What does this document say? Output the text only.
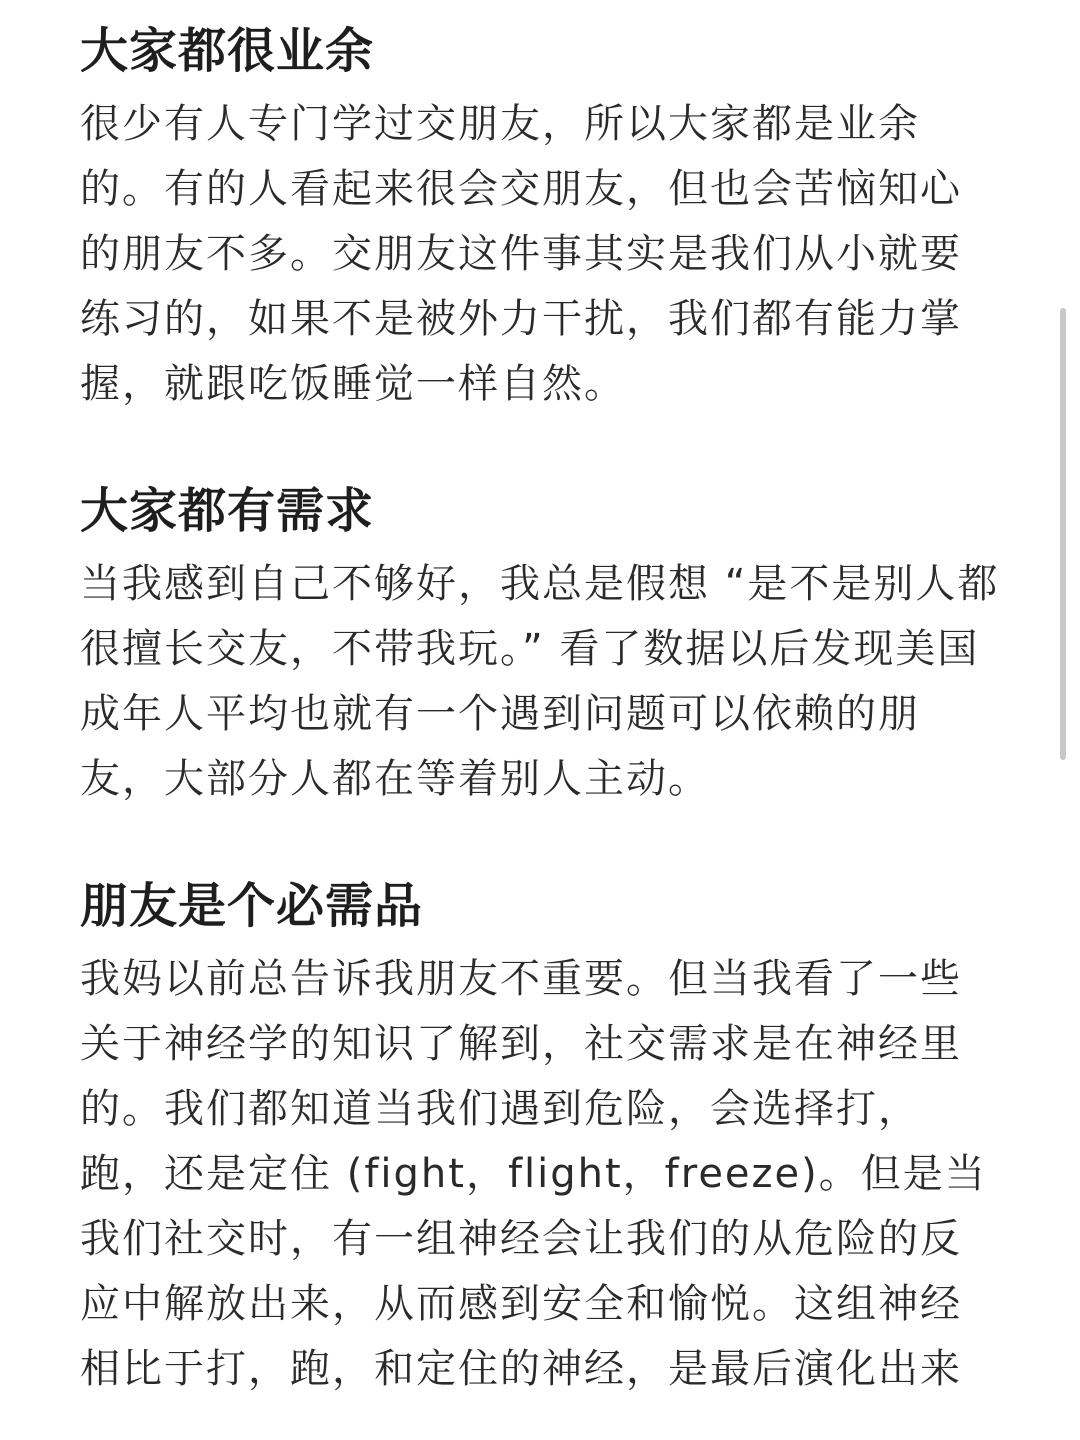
大家都很业余

很少有人专门学过交朋友，所以大家都是业余的。有的人看起来很会交朋友，但也会苦恼知心的朋友不多。交朋友这件事其实是我们从小就要练习的，如果不是被外力干扰，我们都有能力掌握，就跟吃饭睡觉一样自然。

大家都有需求

当我感到自己不够好，我总是假想 “是不是别人都很擅长交友，不带我玩。” 看了数据以后发现美国成年人平均也就有一个遇到问题可以依赖的朋友，大部分人都在等着别人主动。

朋友是个必需品

我妈以前总告诉我朋友不重要。但当我看了一些关于神经学的知识了解到，社交需求是在神经里的。我们都知道当我们遇到危险，会选择打，跑，还是定住 (fight，flight，freeze)。但是当我们社交时，有一组神经会让我们的从危险的反应中解放出来，从而感到安全和愉悦。这组神经相比于打，跑，和定住的神经，是最后演化出来
